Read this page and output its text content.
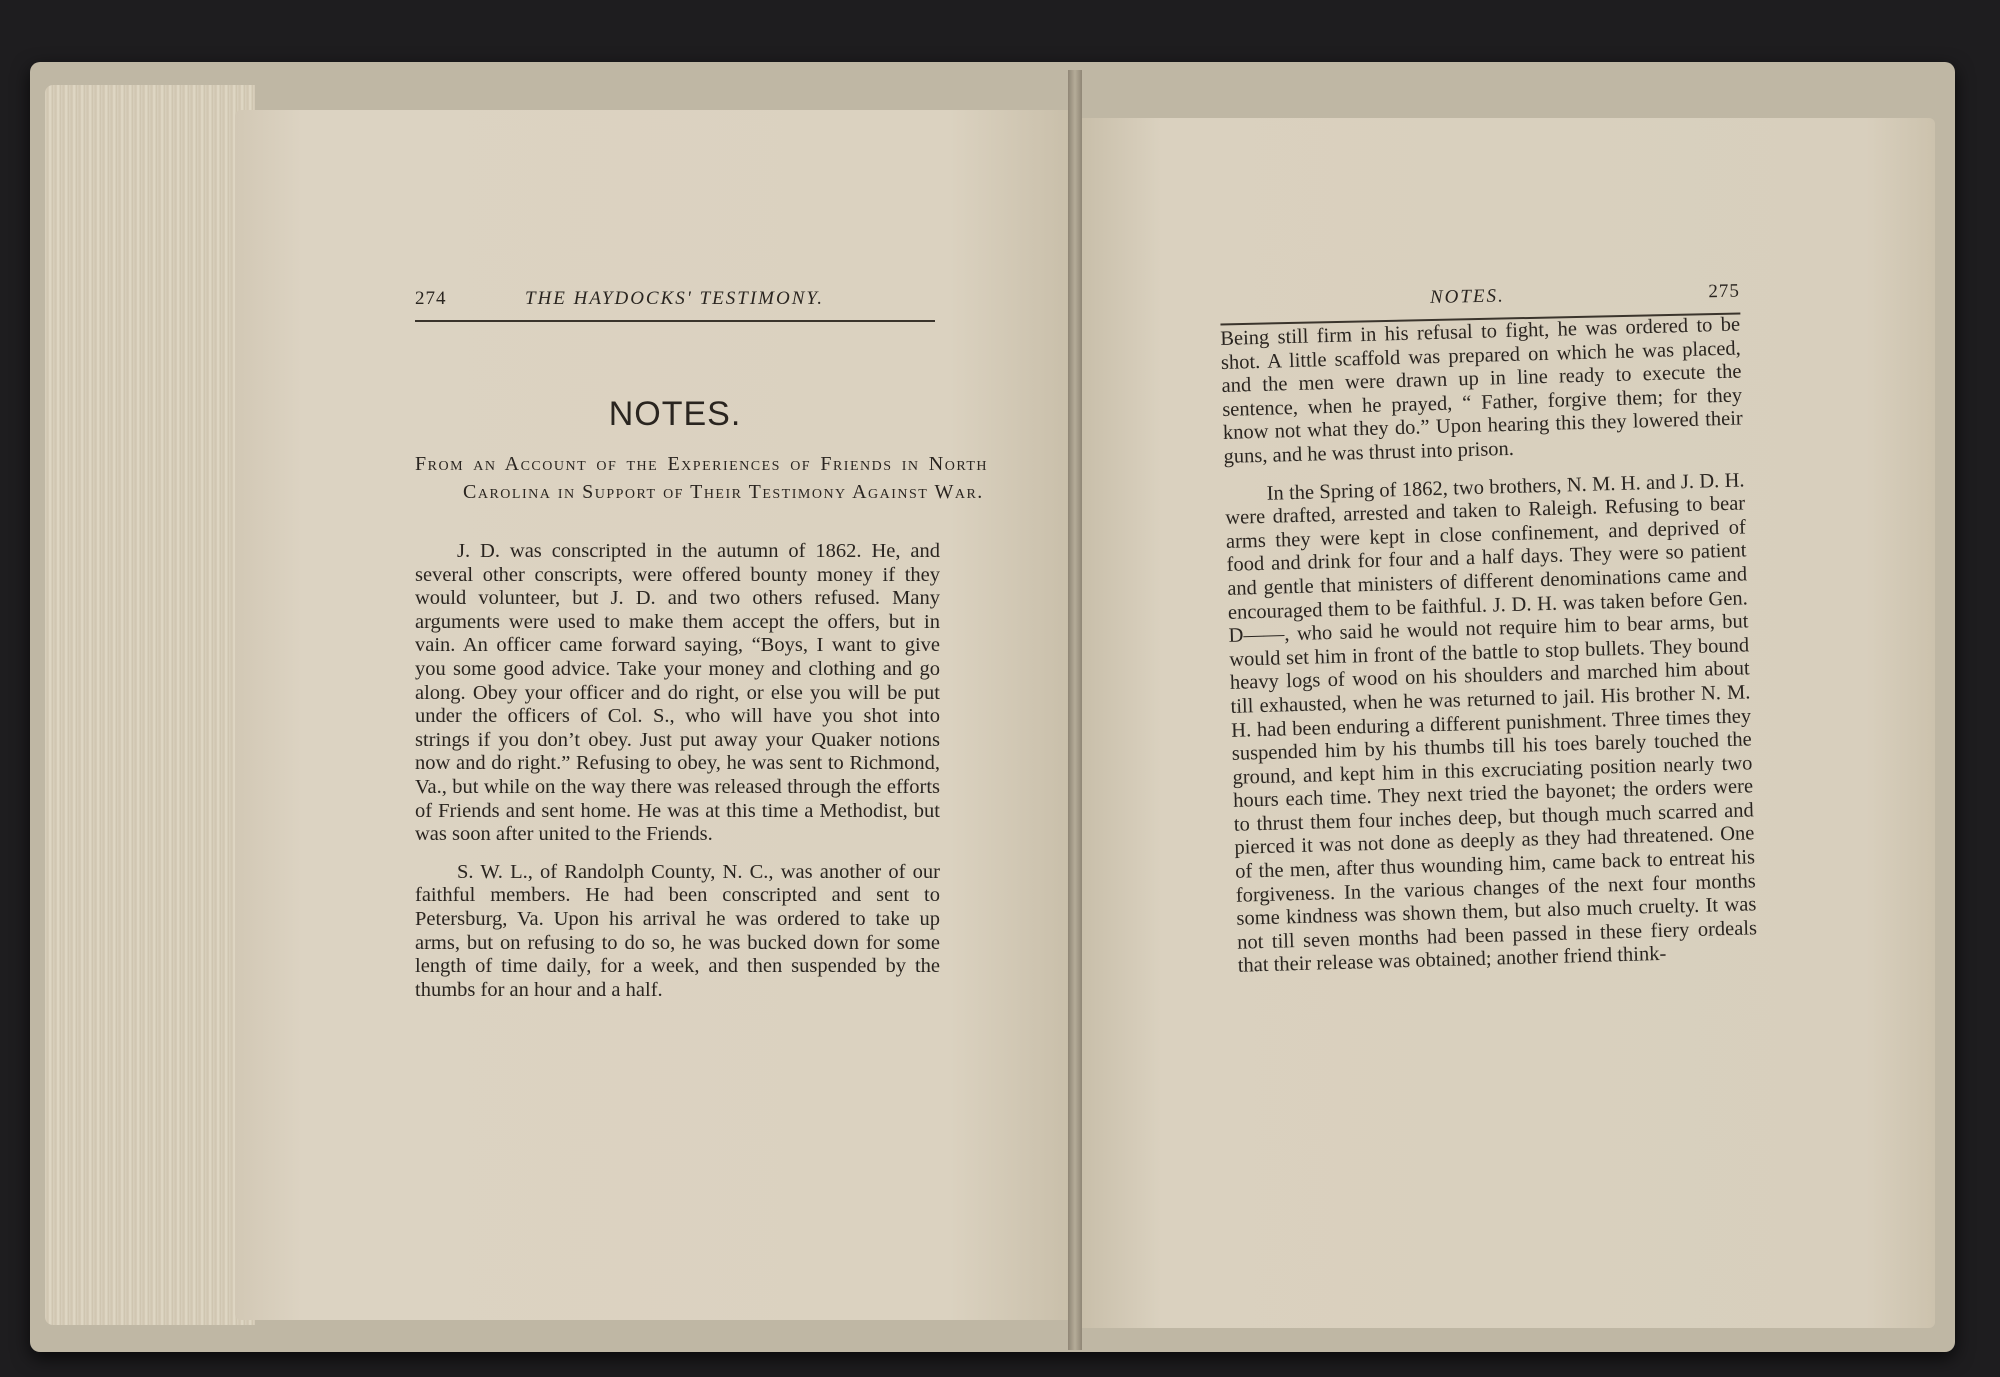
274	THE HAYDOCKS' TESTIMONY.
NOTES.
From an Account of the Experiences of Friends in North Carolina in Support of Their Testimony Against War.

J. D. was conscripted in the autumn of 1862. He, and several other conscripts, were offered bounty money if they would volunteer, but J. D. and two others refused. Many arguments were used to make them accept the offers, but in vain. An officer came forward saying, “Boys, I want to give you some good advice. Take your money and clothing and go along. Obey your officer and do right, or else you will be put under the officers of Col. S., who will have you shot into strings if you don’t obey. Just put away your Quaker notions now and do right.” Refusing to obey, he was sent to Richmond, Va., but while on the way there was released through the efforts of Friends and sent home. He was at this time a Methodist, but was soon after united to the Friends.

S. W. L., of Randolph County, N. C., was another of our faithful members. He had been conscripted and sent to Petersburg, Va. Upon his arrival he was ordered to take up arms, but on refusing to do so, he was bucked down for some length of time daily, for a week, and then suspended by the thumbs for an hour and a half.

NOTES.	275

Being still firm in his refusal to fight, he was ordered to be shot. A little scaffold was prepared on which he was placed, and the men were drawn up in line ready to execute the sentence, when he prayed, “ Father, forgive them; for they know not what they do.” Upon hearing this they lowered their guns, and he was thrust into prison.

In the Spring of 1862, two brothers, N. M. H. and J. D. H. were drafted, arrested and taken to Raleigh. Refusing to bear arms they were kept in close confinement, and deprived of food and drink for four and a half days. They were so patient and gentle that ministers of different denominations came and encouraged them to be faithful. J. D. H. was taken before Gen. D——, who said he would not require him to bear arms, but would set him in front of the battle to stop bullets. They bound heavy logs of wood on his shoulders and marched him about till exhausted, when he was returned to jail. His brother N. M. H. had been enduring a different punishment. Three times they suspended him by his thumbs till his toes barely touched the ground, and kept him in this excruciating position nearly two hours each time. They next tried the bayonet; the orders were to thrust them four inches deep, but though much scarred and pierced it was not done as deeply as they had threatened. One of the men, after thus wounding him, came back to entreat his forgiveness. In the various changes of the next four months some kindness was shown them, but also much cruelty. It was not till seven months had been passed in these fiery ordeals that their release was obtained; another friend think-
